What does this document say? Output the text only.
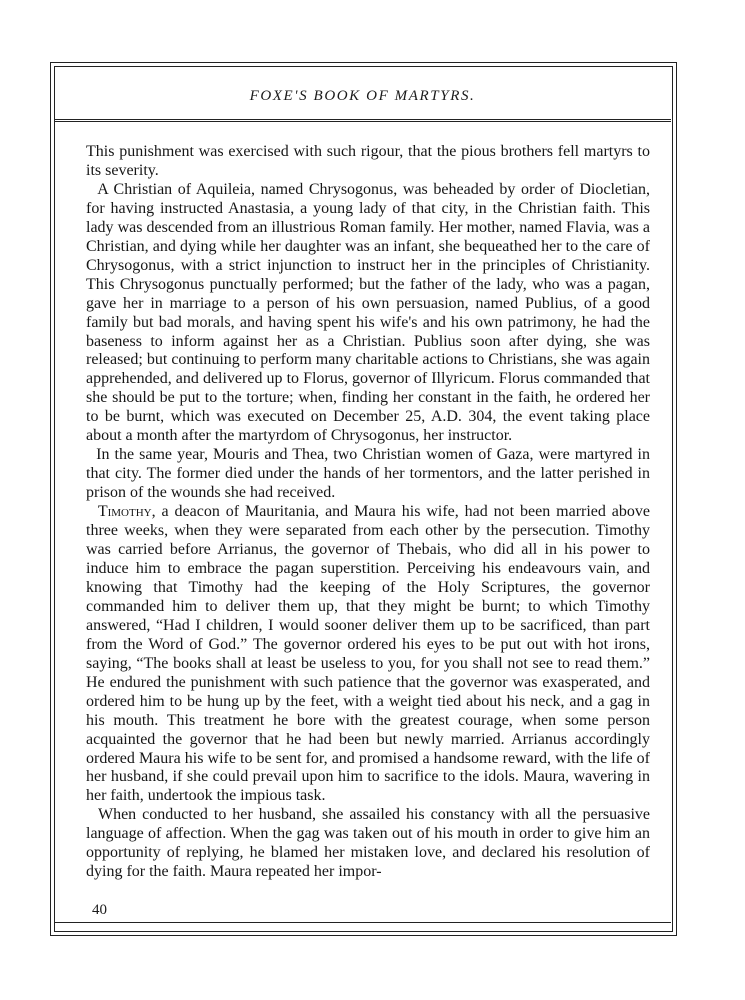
FOXE'S BOOK OF MARTYRS.

This punishment was exercised with such rigour, that the pious brothers fell martyrs to its severity.

A Christian of Aquileia, named Chrysogonus, was beheaded by order of Diocletian, for having instructed Anastasia, a young lady of that city, in the Christian faith. This lady was descended from an illustrious Roman family. Her mother, named Flavia, was a Christian, and dying while her daughter was an infant, she bequeathed her to the care of Chrysogonus, with a strict injunction to instruct her in the principles of Christianity. This Chrysogonus punctually performed; but the father of the lady, who was a pagan, gave her in marriage to a person of his own persuasion, named Publius, of a good family but bad morals, and having spent his wife's and his own patrimony, he had the baseness to inform against her as a Christian. Publius soon after dying, she was released; but continuing to perform many charitable actions to Christians, she was again apprehended, and delivered up to Florus, governor of Illyricum. Florus commanded that she should be put to the torture; when, finding her constant in the faith, he ordered her to be burnt, which was executed on December 25, A.D. 304, the event taking place about a month after the martyrdom of Chrysogonus, her instructor.

In the same year, Mouris and Thea, two Christian women of Gaza, were martyred in that city. The former died under the hands of her tormentors, and the latter perished in prison of the wounds she had received.

Timothy, a deacon of Mauritania, and Maura his wife, had not been married above three weeks, when they were separated from each other by the persecution. Timothy was carried before Arrianus, the governor of Thebais, who did all in his power to induce him to embrace the pagan superstition. Perceiving his endeavours vain, and knowing that Timothy had the keeping of the Holy Scriptures, the governor commanded him to deliver them up, that they might be burnt; to which Timothy answered, “Had I children, I would sooner deliver them up to be sacrificed, than part from the Word of God.” The governor ordered his eyes to be put out with hot irons, saying, “The books shall at least be useless to you, for you shall not see to read them.” He endured the punishment with such patience that the governor was exasperated, and ordered him to be hung up by the feet, with a weight tied about his neck, and a gag in his mouth. This treatment he bore with the greatest courage, when some person acquainted the governor that he had been but newly married. Arrianus accordingly ordered Maura his wife to be sent for, and promised a handsome reward, with the life of her husband, if she could prevail upon him to sacrifice to the idols. Maura, wavering in her faith, undertook the impious task.

When conducted to her husband, she assailed his constancy with all the persuasive language of affection. When the gag was taken out of his mouth in order to give him an opportunity of replying, he blamed her mistaken love, and declared his resolution of dying for the faith. Maura repeated her impor-

40
